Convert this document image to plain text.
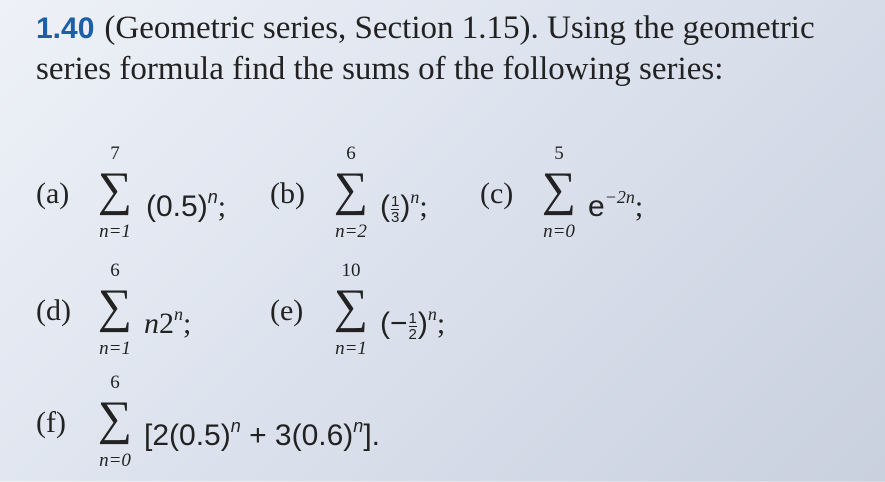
1.40 (Geometric series, Section 1.15). Using the geometric series formula find the sums of the following series:

(a)
7
∑
n=1
$(0.5)^n$; (b)
6
∑
n=2
( $\frac{1}{3} )^n$; (c)
5
∑
n=0
$e^{-2n}$;
(d)
6
∑
n=1
n2$^n$;	(e)
10
∑
n=1
(− $\frac{1}{2} )^n$;
(f)
6
∑
n=0
$[2(0.5)^n + 3(0.6)^n]$.
